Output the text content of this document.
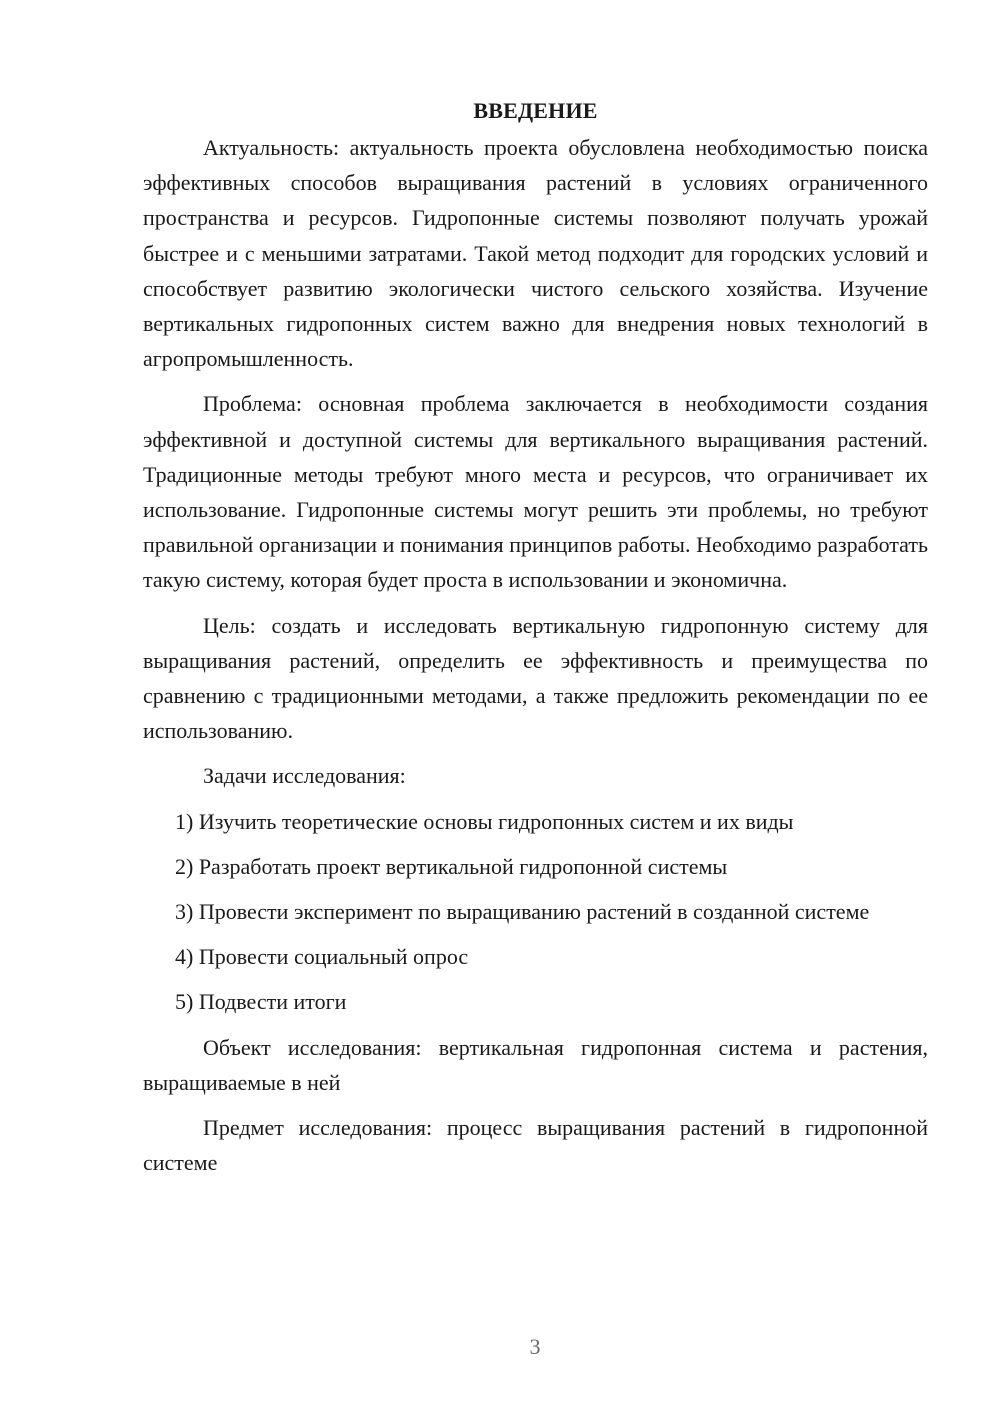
ВВЕДЕНИЕ

Актуальность: актуальность проекта обусловлена необходимостью поиска эффективных способов выращивания растений в условиях ограниченного пространства и ресурсов. Гидропонные системы позволяют получать урожай быстрее и с меньшими затратами. Такой метод подходит для городских условий и способствует развитию экологически чистого сельского хозяйства. Изучение вертикальных гидропонных систем важно для внедрения новых технологий в агропромышленность.

Проблема: основная проблема заключается в необходимости создания эффективной и доступной системы для вертикального выращивания растений. Традиционные методы требуют много места и ресурсов, что ограничивает их использование. Гидропонные системы могут решить эти проблемы, но требуют правильной организации и понимания принципов работы. Необходимо разработать такую систему, которая будет проста в использовании и экономична.

Цель: создать и исследовать вертикальную гидропонную систему для выращивания растений, определить ее эффективность и преимущества по сравнению с традиционными методами, а также предложить рекомендации по ее использованию.

Задачи исследования:

1) Изучить теоретические основы гидропонных систем и их виды

2) Разработать проект вертикальной гидропонной системы

3) Провести эксперимент по выращиванию растений в созданной системе

4) Провести социальный опрос

5) Подвести итоги

Объект исследования: вертикальная гидропонная система и растения, выращиваемые в ней

Предмет исследования: процесс выращивания растений в гидропонной системе

3
